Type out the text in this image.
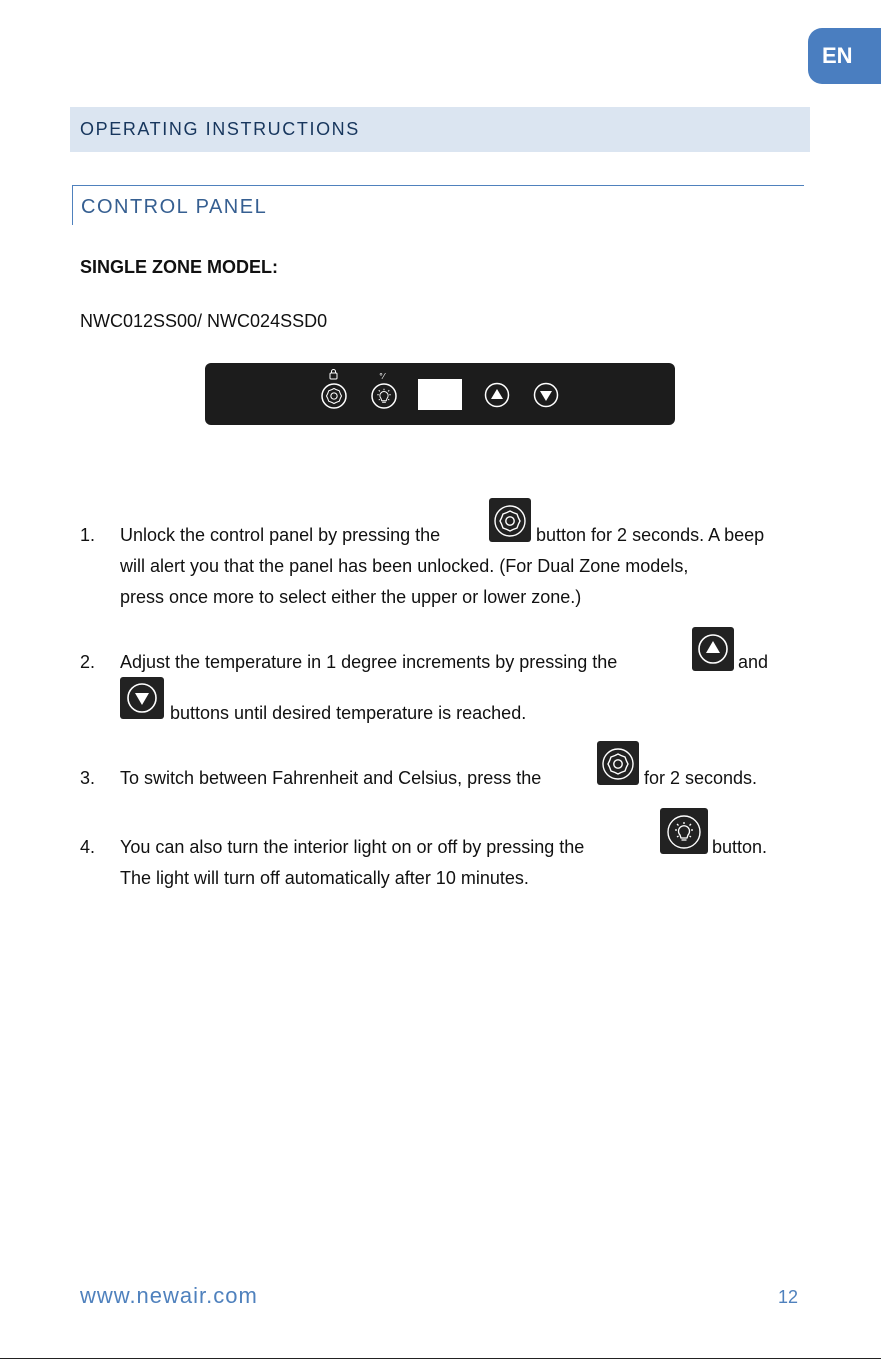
EN
OPERATING INSTRUCTIONS
CONTROL PANEL
SINGLE ZONE MODEL:
NWC012SS00/ NWC024SSD0
°⁄
1. Unlock the control panel by pressing the	button for 2 seconds. A beep
will alert you that the panel has been unlocked. (For Dual Zone models,
press once more to select either the upper or lower zone.)
2. Adjust the temperature in 1 degree increments by pressing the	and
buttons until desired temperature is reached.
3. To switch between Fahrenheit and Celsius, press the	for 2 seconds.
4. You can also turn the interior light on or off by pressing the	button.
The light will turn off automatically after 10 minutes.
www.newair.com	12
